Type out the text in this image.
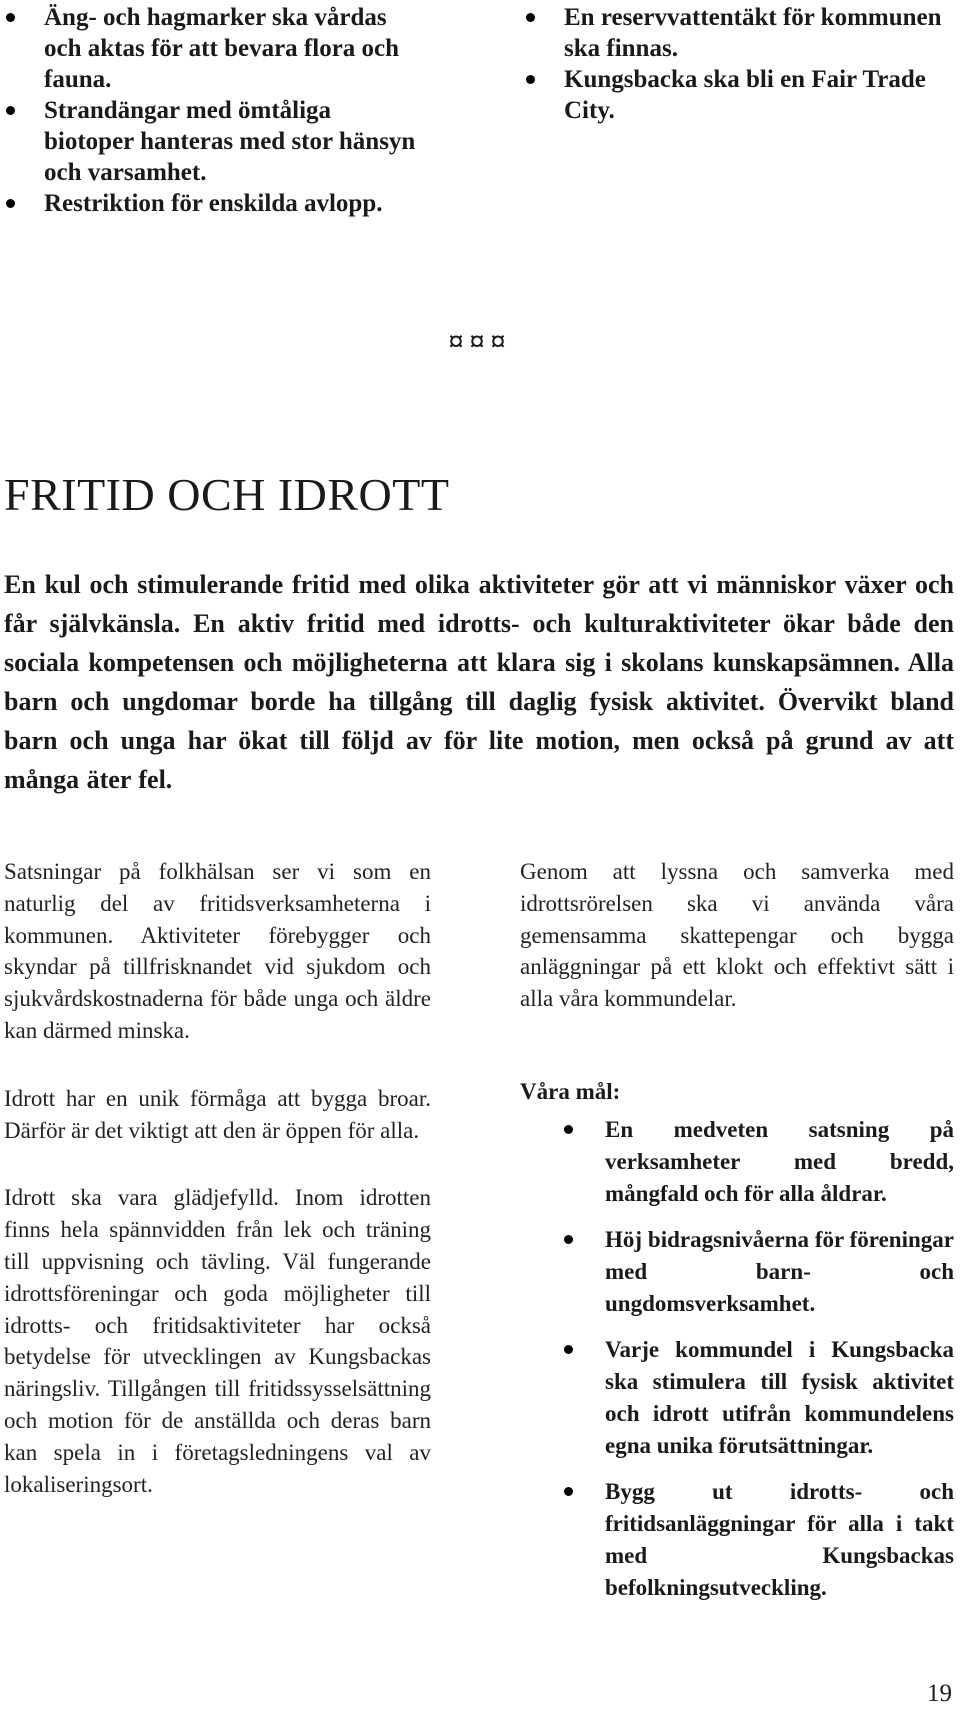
Äng- och hagmarker ska vårdas och aktas för att bevara flora och fauna.
Strandängar med ömtåliga biotoper hanteras med stor hänsyn och varsamhet.
Restriktion för enskilda avlopp.
En reservvattentäkt för kommunen ska finnas.
Kungsbacka ska bli en Fair Trade City.
¤¤¤
FRITID OCH IDROTT

En kul och stimulerande fritid med olika aktiviteter gör att vi människor växer och får självkänsla. En aktiv fritid med idrotts- och kulturaktiviteter ökar både den sociala kompetensen och möjligheterna att klara sig i skolans kunskapsämnen. Alla barn och ungdomar borde ha tillgång till daglig fysisk aktivitet. Övervikt bland barn och unga har ökat till följd av för lite motion, men också på grund av att många äter fel.

Satsningar på folkhälsan ser vi som en naturlig del av fritidsverksamheterna i kommunen. Aktiviteter förebygger och skyndar på tillfrisknandet vid sjukdom och sjukvårdskostnaderna för både unga och äldre kan därmed minska.

Idrott har en unik förmåga att bygga broar. Därför är det viktigt att den är öppen för alla.

Idrott ska vara glädjefylld. Inom idrotten finns hela spännvidden från lek och träning till uppvisning och tävling. Väl fungerande idrottsföreningar och goda möjligheter till idrotts- och fritidsaktiviteter har också betydelse för utvecklingen av Kungsbackas näringsliv. Tillgången till fritidssysselsättning och motion för de anställda och deras barn kan spela in i företagsledningens val av lokaliseringsort.

Genom att lyssna och samverka med idrottsrörelsen ska vi använda våra gemensamma skattepengar och bygga anläggningar på ett klokt och effektivt sätt i alla våra kommundelar.

Våra mål:

En medveten satsning på verksamheter med bredd, mångfald och för alla åldrar.
Höj bidragsnivåerna för föreningar med barn- och ungdomsverksamhet.
Varje kommundel i Kungsbacka ska stimulera till fysisk aktivitet och idrott utifrån kommundelens egna unika förutsättningar.
Bygg ut idrotts- och fritidsanläggningar för alla i takt med Kungsbackas befolkningsutveckling.
19
